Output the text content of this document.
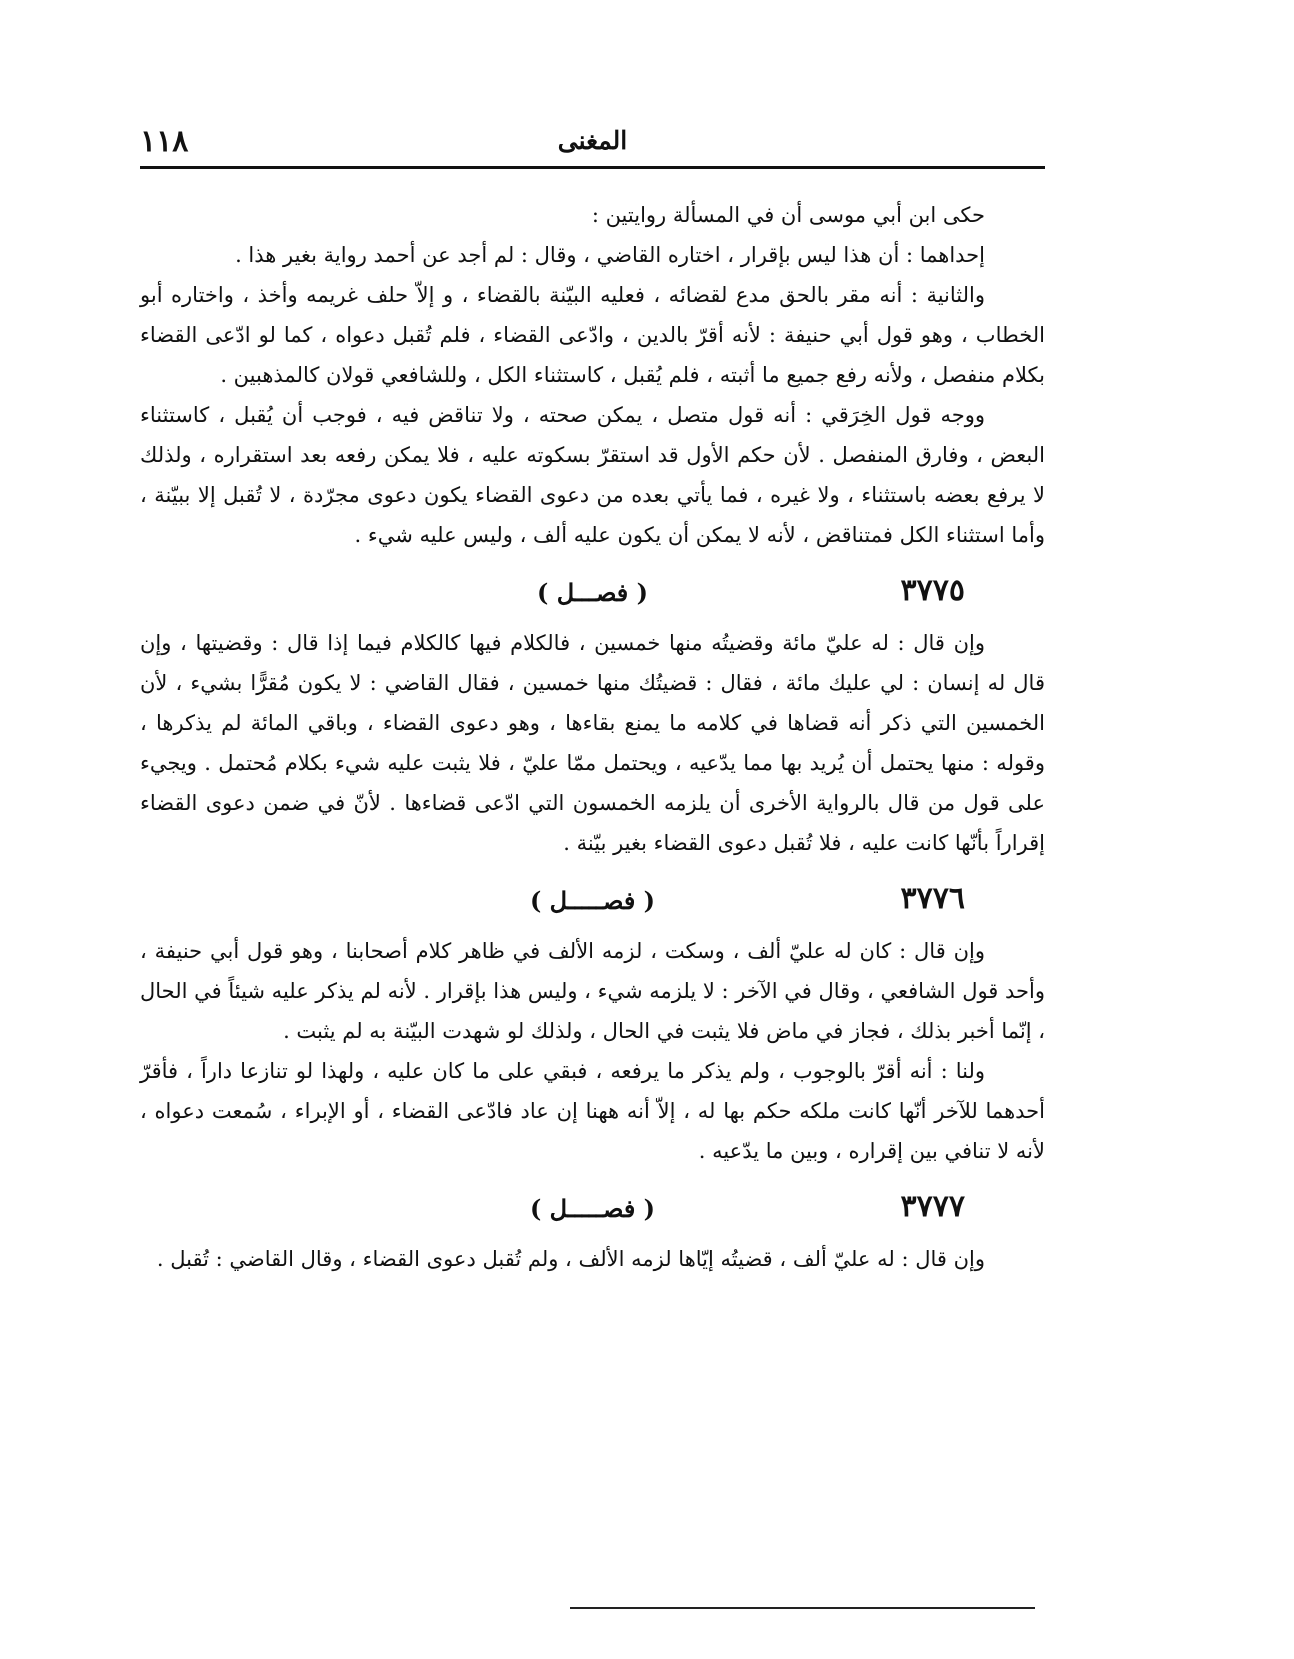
١١٨	المغنى

حكى ابن أبي موسى أن في المسألة روايتين :

إحداهما : أن هذا ليس بإقرار ، اختاره القاضي ، وقال : لم أجد عن أحمد رواية بغير هذا .

والثانية : أنه مقر بالحق مدع لقضائه ، فعليه البيّنة بالقضاء ، و إلاّ حلف غريمه وأخذ ، واختاره أبو الخطاب ، وهو قول أبي حنيفة : لأنه أقرّ بالدين ، وادّعى القضاء ، فلم تُقبل دعواه ، كما لو ادّعى القضاء بكلام منفصل ، ولأنه رفع جميع ما أثبته ، فلم يُقبل ، كاستثناء الكل ، وللشافعي قولان كالمذهبين .

ووجه قول الخِرَقي : أنه قول متصل ، يمكن صحته ، ولا تناقض فيه ، فوجب أن يُقبل ، كاستثناء البعض ، وفارق المنفصل . لأن حكم الأول قد استقرّ بسكوته عليه ، فلا يمكن رفعه بعد استقراره ، ولذلك لا يرفع بعضه باستثناء ، ولا غيره ، فما يأتي بعده من دعوى القضاء يكون دعوى مجرّدة ، لا تُقبل إلا ببيّنة ، وأما استثناء الكل فمتناقض ، لأنه لا يمكن أن يكون عليه ألف ، وليس عليه شيء .

٣٧٧٥
( فصـــل )

وإن قال : له عليّ مائة وقضيتُه منها خمسين ، فالكلام فيها كالكلام فيما إذا قال : وقضيتها ، وإن قال له إنسان : لي عليك مائة ، فقال : قضيتُك منها خمسين ، فقال القاضي : لا يكون مُقرًّا بشيء ، لأن الخمسين التي ذكر أنه قضاها في كلامه ما يمنع بقاءها ، وهو دعوى القضاء ، وباقي المائة لم يذكرها ، وقوله : منها يحتمل أن يُريد بها مما يدّعيه ، ويحتمل ممّا عليّ ، فلا يثبت عليه شيء بكلام مُحتمل . ويجيء على قول من قال بالرواية الأخرى أن يلزمه الخمسون التي ادّعى قضاءها . لأنّ في ضمن دعوى القضاء إقراراً بأنّها كانت عليه ، فلا تُقبل دعوى القضاء بغير بيّنة .

٣٧٧٦
( فصـــــل )

وإن قال : كان له عليّ ألف ، وسكت ، لزمه الألف في ظاهر كلام أصحابنا ، وهو قول أبي حنيفة ، وأحد قول الشافعي ، وقال في الآخر : لا يلزمه شيء ، وليس هذا بإقرار . لأنه لم يذكر عليه شيئاً في الحال ، إنّما أخبر بذلك ، فجاز في ماض فلا يثبت في الحال ، ولذلك لو شهدت البيّنة به لم يثبت .

ولنا : أنه أقرّ بالوجوب ، ولم يذكر ما يرفعه ، فبقي على ما كان عليه ، ولهذا لو تنازعا داراً ، فأقرّ أحدهما للآخر أنّها كانت ملكه حكم بها له ، إلاّ أنه ههنا إن عاد فادّعى القضاء ، أو الإبراء ، سُمعت دعواه ، لأنه لا تنافي بين إقراره ، وبين ما يدّعيه .

٣٧٧٧
( فصـــــل )

وإن قال : له عليّ ألف ، قضيتُه إيّاها لزمه الألف ، ولم تُقبل دعوى القضاء ، وقال القاضي : تُقبل .
